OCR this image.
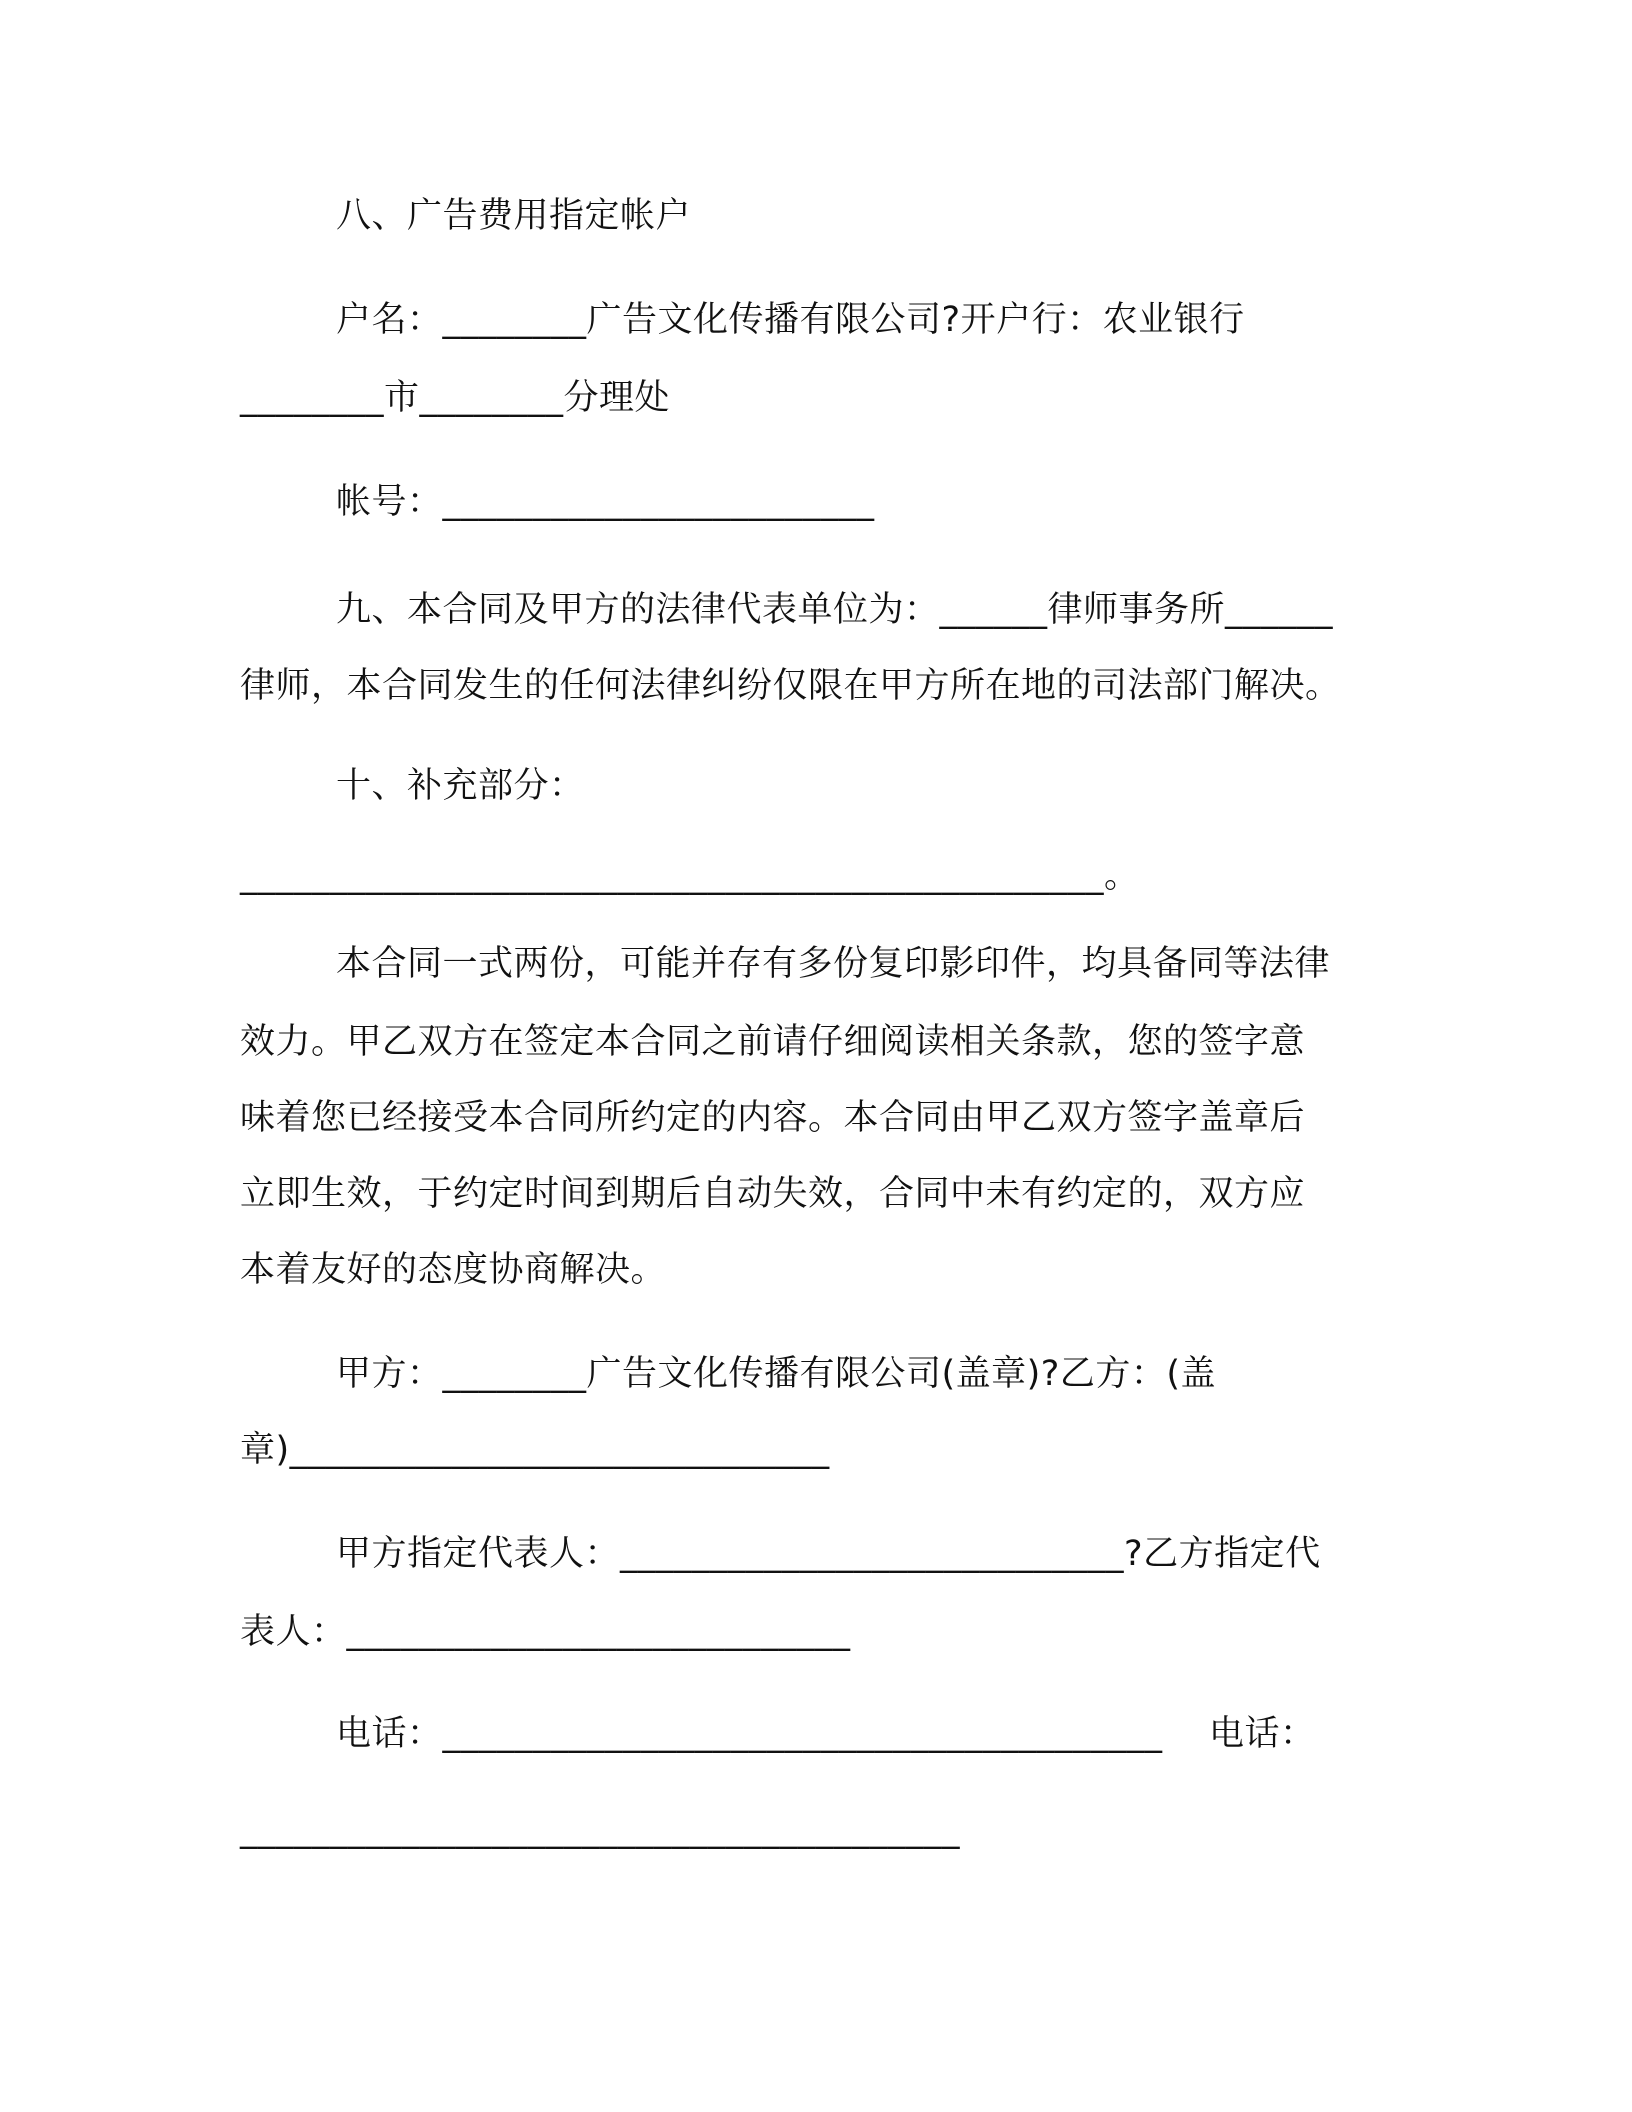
八、广告费用指定帐户
户名：________广告文化传播有限公司?开户行：农业银行
________市________分理处
帐号：________________________
九、本合同及甲方的法律代表单位为：______律师事务所______
律师，本合同发生的任何法律纠纷仅限在甲方所在地的司法部门解决。
十、补充部分：
________________________________________________。
本合同一式两份，可能并存有多份复印影印件，均具备同等法律
效力。甲乙双方在签定本合同之前请仔细阅读相关条款，您的签字意
味着您已经接受本合同所约定的内容。本合同由甲乙双方签字盖章后
立即生效，于约定时间到期后自动失效，合同中未有约定的，双方应
本着友好的态度协商解决。
甲方：________广告文化传播有限公司(盖章)?乙方：(盖
章)______________________________
甲方指定代表人：____________________________?乙方指定代
表人：____________________________
电话：________________________________________    电话：
________________________________________
